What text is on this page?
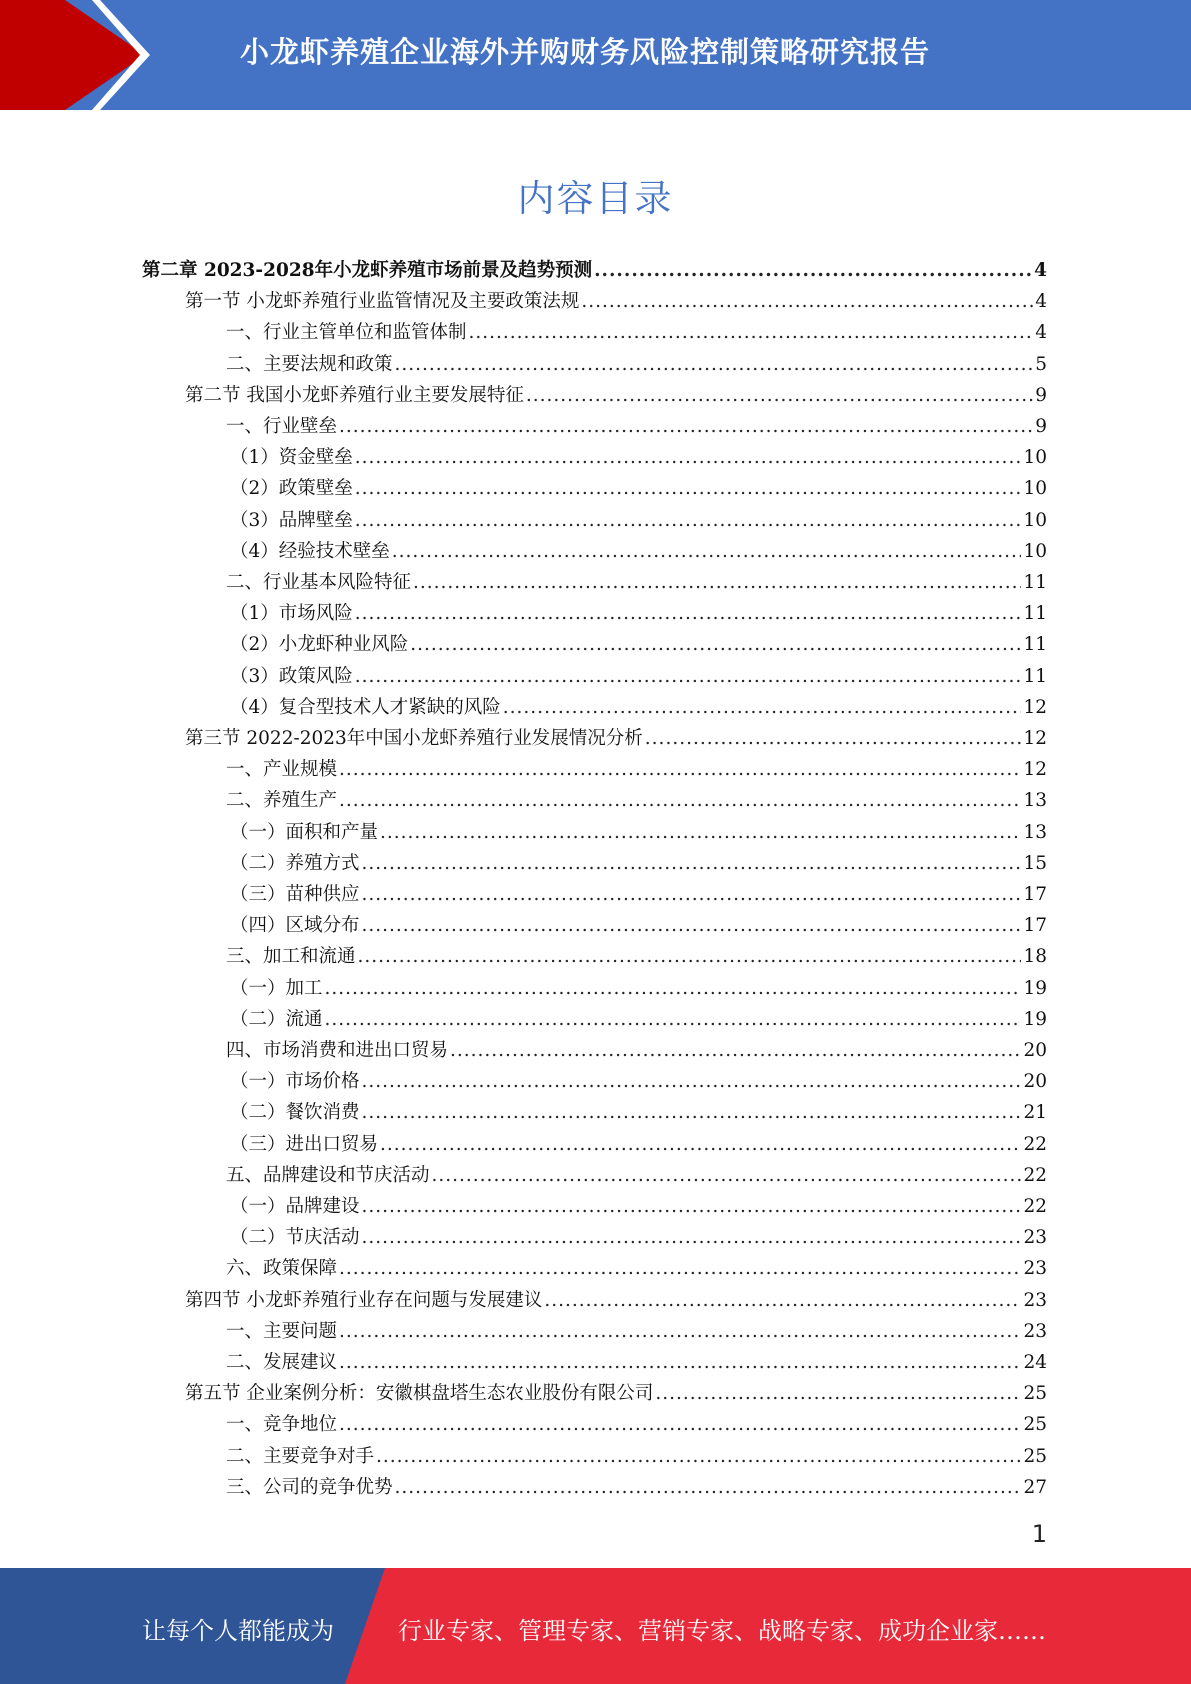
小龙虾养殖企业海外并购财务风险控制策略研究报告
内容目录
第二章 2023-2028年小龙虾养殖市场前景及趋势预测 .....	4
第一节 小龙虾养殖行业监管情况及主要政策法规 .....	4
一、行业主管单位和监管体制 .....	4
二、主要法规和政策 .....	5
第二节 我国小龙虾养殖行业主要发展特征 .....	9
一、行业壁垒 .....	9
（1）资金壁垒 .....	10
（2）政策壁垒 .....	10
（3）品牌壁垒 .....	10
（4）经验技术壁垒 .....	10
二、行业基本风险特征 .....	11
（1）市场风险 .....	11
（2）小龙虾种业风险 .....	11
（3）政策风险 .....	11
（4）复合型技术人才紧缺的风险 .....	12
第三节 2022-2023年中国小龙虾养殖行业发展情况分析 .....	12
一、产业规模 .....	12
二、养殖生产 .....	13
（一）面积和产量 .....	13
（二）养殖方式 .....	15
（三）苗种供应 .....	17
（四）区域分布 .....	17
三、加工和流通 .....	18
（一）加工 .....	19
（二）流通 .....	19
四、市场消费和进出口贸易 .....	20
（一）市场价格 .....	20
（二）餐饮消费 .....	21
（三）进出口贸易 .....	22
五、品牌建设和节庆活动 .....	22
（一）品牌建设 .....	22
（二）节庆活动 .....	23
六、政策保障 .....	23
第四节 小龙虾养殖行业存在问题与发展建议 .....	23
一、主要问题 .....	23
二、发展建议 .....	24
第五节 企业案例分析：安徽棋盘塔生态农业股份有限公司 .....	25
一、竞争地位 .....	25
二、主要竞争对手 .....	25
三、公司的竞争优势 .....	27
1
让每个人都能成为	行业专家、管理专家、营销专家、战略专家、成功企业家……
